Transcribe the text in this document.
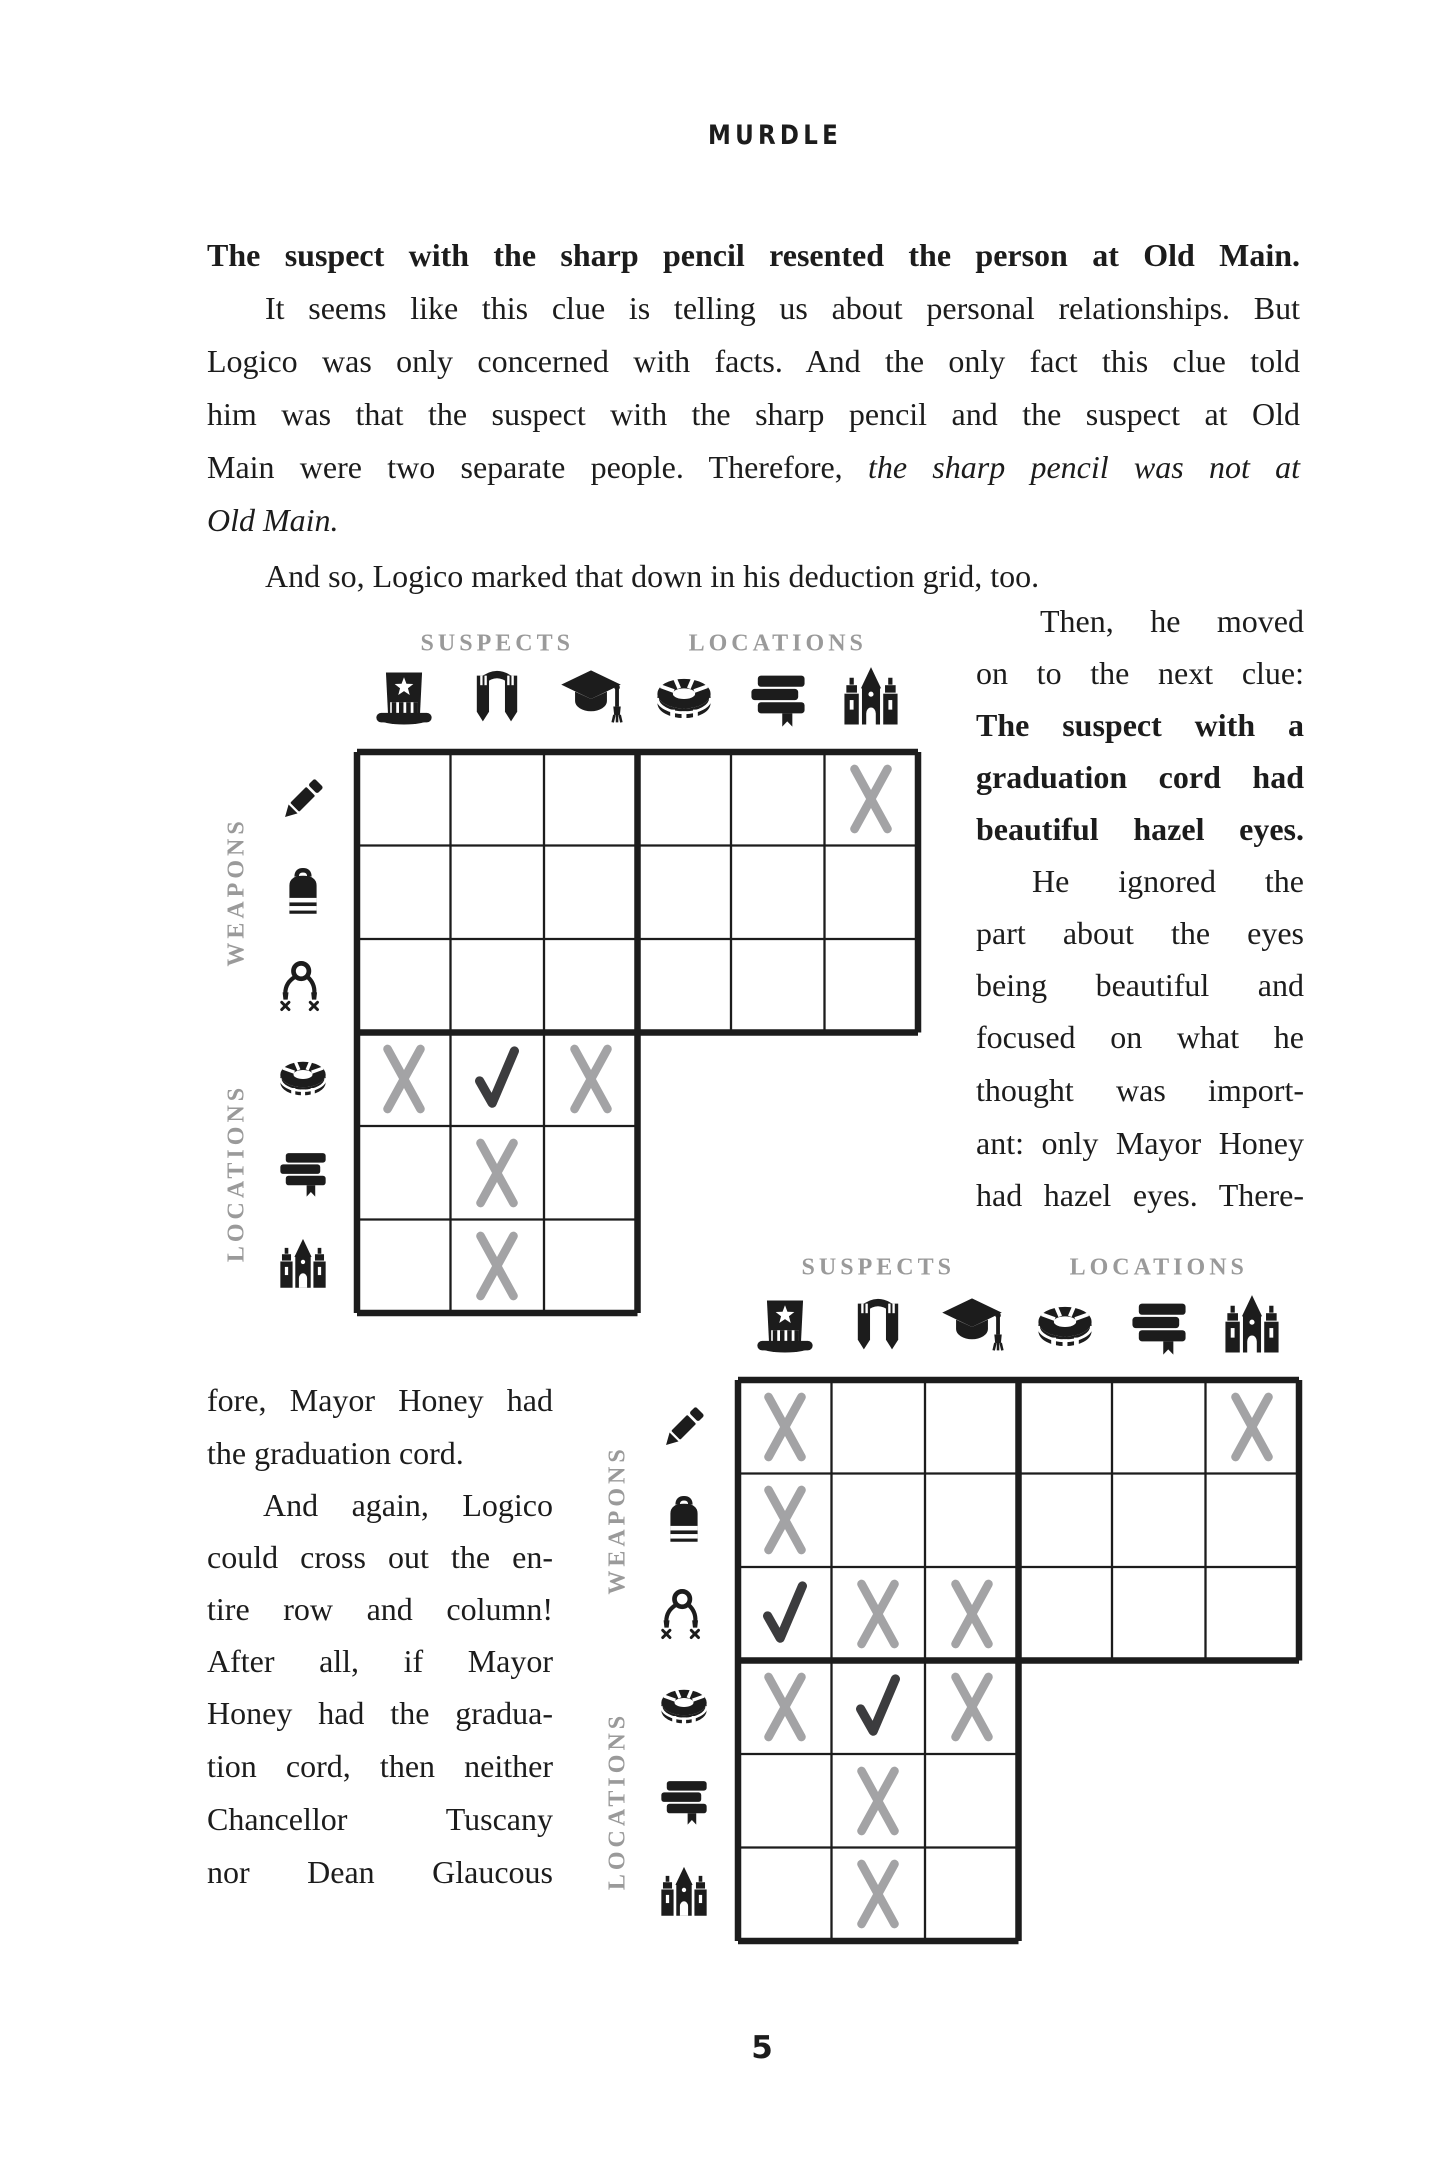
MURDLE
5
The suspect with the sharp pencil resented the person at Old Main.
It seems like this clue is telling us about personal relationships. But
Logico was only concerned with facts. And the only fact this clue told
him was that the suspect with the sharp pencil and the suspect at Old
Main were two separate people. Therefore, the sharp pencil was not at
Old Main.
And so, Logico marked that down in his deduction grid, too.
Then, he moved
on to the next clue:
The suspect with a
graduation cord had
beautiful hazel eyes.
He ignored the
part about the eyes
being beautiful and
focused on what he
thought was import-
ant: only Mayor Honey
had hazel eyes. There-
fore, Mayor Honey had
the graduation cord.
And again, Logico
could cross out the en-
tire row and column!
After all, if Mayor
Honey had the gradua-
tion cord, then neither
Chancellor Tuscany
nor Dean Glaucous
SUSPECTS	LOCATIONS
WEAPONS
LOCATIONS
SUSPECTS	LOCATIONS
WEAPONS
LOCATIONS
